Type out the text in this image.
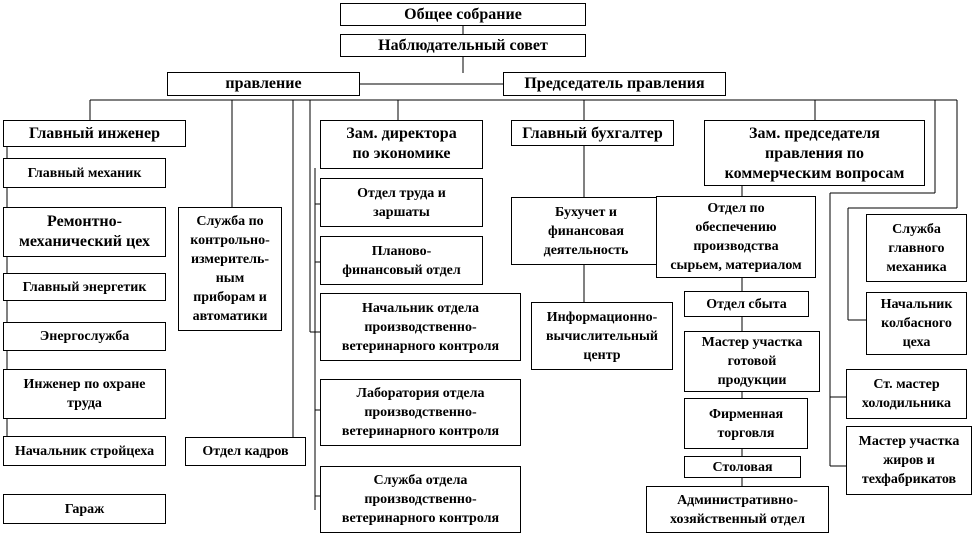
Общее собрание
Наблюдательный совет
правление	Председатель правления
Главный инженер
Главный механик
Ремонтно-
механический цех
Главный энергетик
Энергослужба
Инженер по охране
труда
Начальник стройцеха
Гараж
Служба по
контрольно-
измеритель-
ным
приборам и
автоматики
Отдел кадров
Зам. директора
по экономике
Отдел труда и
заршаты
Планово-
финансовый отдел
Начальник отдела
производственно-
ветеринарного контроля
Лаборатория отдела
производственно-
ветеринарного контроля
Служба отдела
производственно-
ветеринарного контроля
Главный бухгалтер
Бухучет и
финансовая
деятельность
Информационно-
вычислительный
центр
Зам. председателя
правления по
коммерческим вопросам
Отдел по
обеспечению
производства
сырьем, материалом
Отдел сбыта
Мастер участка
готовой
продукции
Фирменная
торговля
Столовая
Административно-
хозяйственный отдел
Служба
главного
механика
Начальник
колбасного
цеха
Ст. мастер
холодильника
Мастер участка
жиров и
техфабрикатов
